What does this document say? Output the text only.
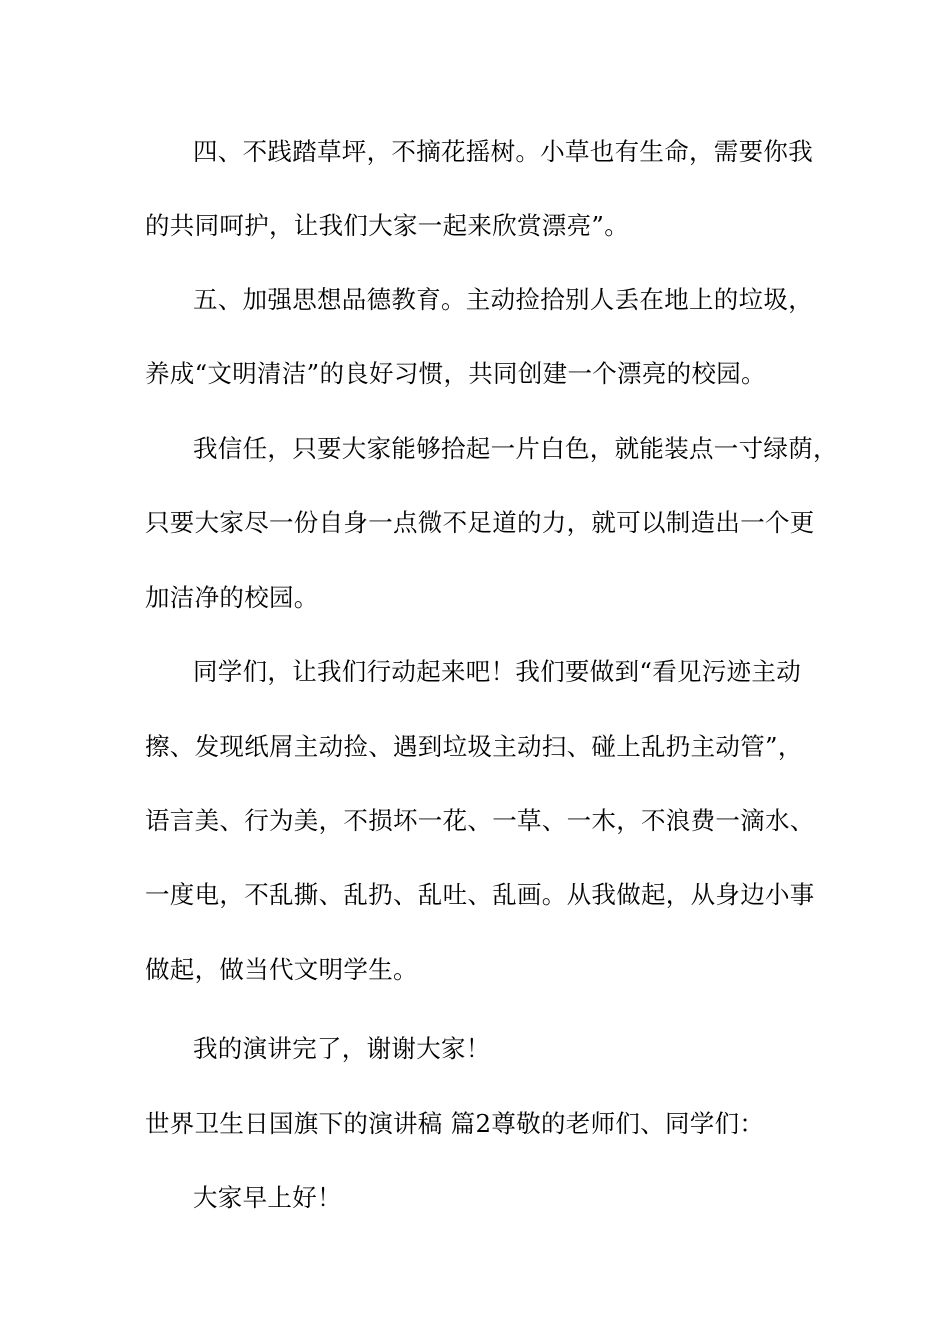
四、不践踏草坪，不摘花摇树。小草也有生命，需要你我
的共同呵护，让我们大家一起来欣赏漂亮”。
五、加强思想品德教育。主动捡拾别人丢在地上的垃圾，
养成“文明清洁”的良好习惯，共同创建一个漂亮的校园。
我信任，只要大家能够拾起一片白色，就能装点一寸绿荫，
只要大家尽一份自身一点微不足道的力，就可以制造出一个更
加洁净的校园。
同学们，让我们行动起来吧！我们要做到“看见污迹主动
擦、发现纸屑主动捡、遇到垃圾主动扫、碰上乱扔主动管”，
语言美、行为美，不损坏一花、一草、一木，不浪费一滴水、
一度电，不乱撕、乱扔、乱吐、乱画。从我做起，从身边小事
做起，做当代文明学生。
我的演讲完了，谢谢大家！
世界卫生日国旗下的演讲稿 篇2尊敬的老师们、同学们：
大家早上好！
